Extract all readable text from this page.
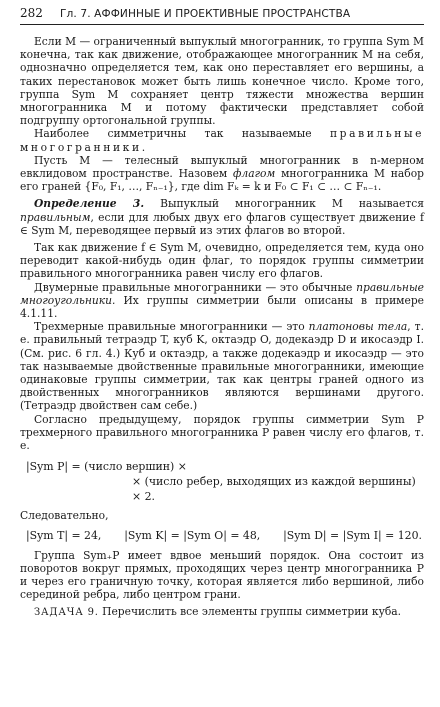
282	Гл. 7. АФФИННЫЕ И ПРОЕКТИВНЫЕ ПРОСТРАНСТВА

Если M — ограниченный выпуклый многогранник, то группа Sym M конечна, так как движение, отображающее многогранник M на себя, однозначно определяется тем, как оно переставляет его вершины, а таких перестановок может быть лишь конечное число. Кроме того, группа Sym M сохраняет центр тяжести множества вершин многогранника M и потому фактически представляет собой подгруппу ортогональной группы.

Наиболее симметричны так называемые правильные многогранники.

Пусть M — телесный выпуклый многогранник в n-мерном евклидовом пространстве. Назовем флагом многогранника M набор его граней {F₀, F₁, …, Fₙ₋₁}, где dim Fₖ = k и F₀ ⊂ F₁ ⊂ … ⊂ Fₙ₋₁.

Определение 3. Выпуклый многогранник M называется правильным, если для любых двух его флагов существует движение f ∈ Sym M, переводящее первый из этих флагов во второй.

Так как движение f ∈ Sym M, очевидно, определяется тем, куда оно переводит какой-нибудь один флаг, то порядок группы симметрии правильного многогранника равен числу его флагов.

Двумерные правильные многогранники — это обычные правильные многоугольники. Их группы симметрии были описаны в примере 4.1.11.

Трехмерные правильные многогранники — это платоновы тела, т. е. правильный тетраэдр T, куб K, октаэдр O, додекаэдр D и икосаэдр I. (См. рис. 6 гл. 4.) Куб и октаэдр, а также додекаэдр и икосаэдр — это так называемые двойственные правильные многогранники, имеющие одинаковые группы симметрии, так как центры граней одного из двойственных многогранников являются вершинами другого. (Тетраэдр двойствен сам себе.)

Согласно предыдущему, порядок группы симметрии Sym P трехмерного правильного многогранника P равен числу его флагов, т. е.

|Sym P| = (число вершин) ×
× (число ребер, выходящих из каждой вершины) × 2.

Следовательно,

|Sym T| = 24, |Sym K| = |Sym O| = 48, |Sym D| = |Sym I| = 120.

Группа Sym₊P имеет вдвое меньший порядок. Она состоит из поворотов вокруг прямых, проходящих через центр многогранника P и через его граничную точку, которая является либо вершиной, либо серединой ребра, либо центром грани.

ЗАДАЧА 9. Перечислить все элементы группы симметрии куба.
